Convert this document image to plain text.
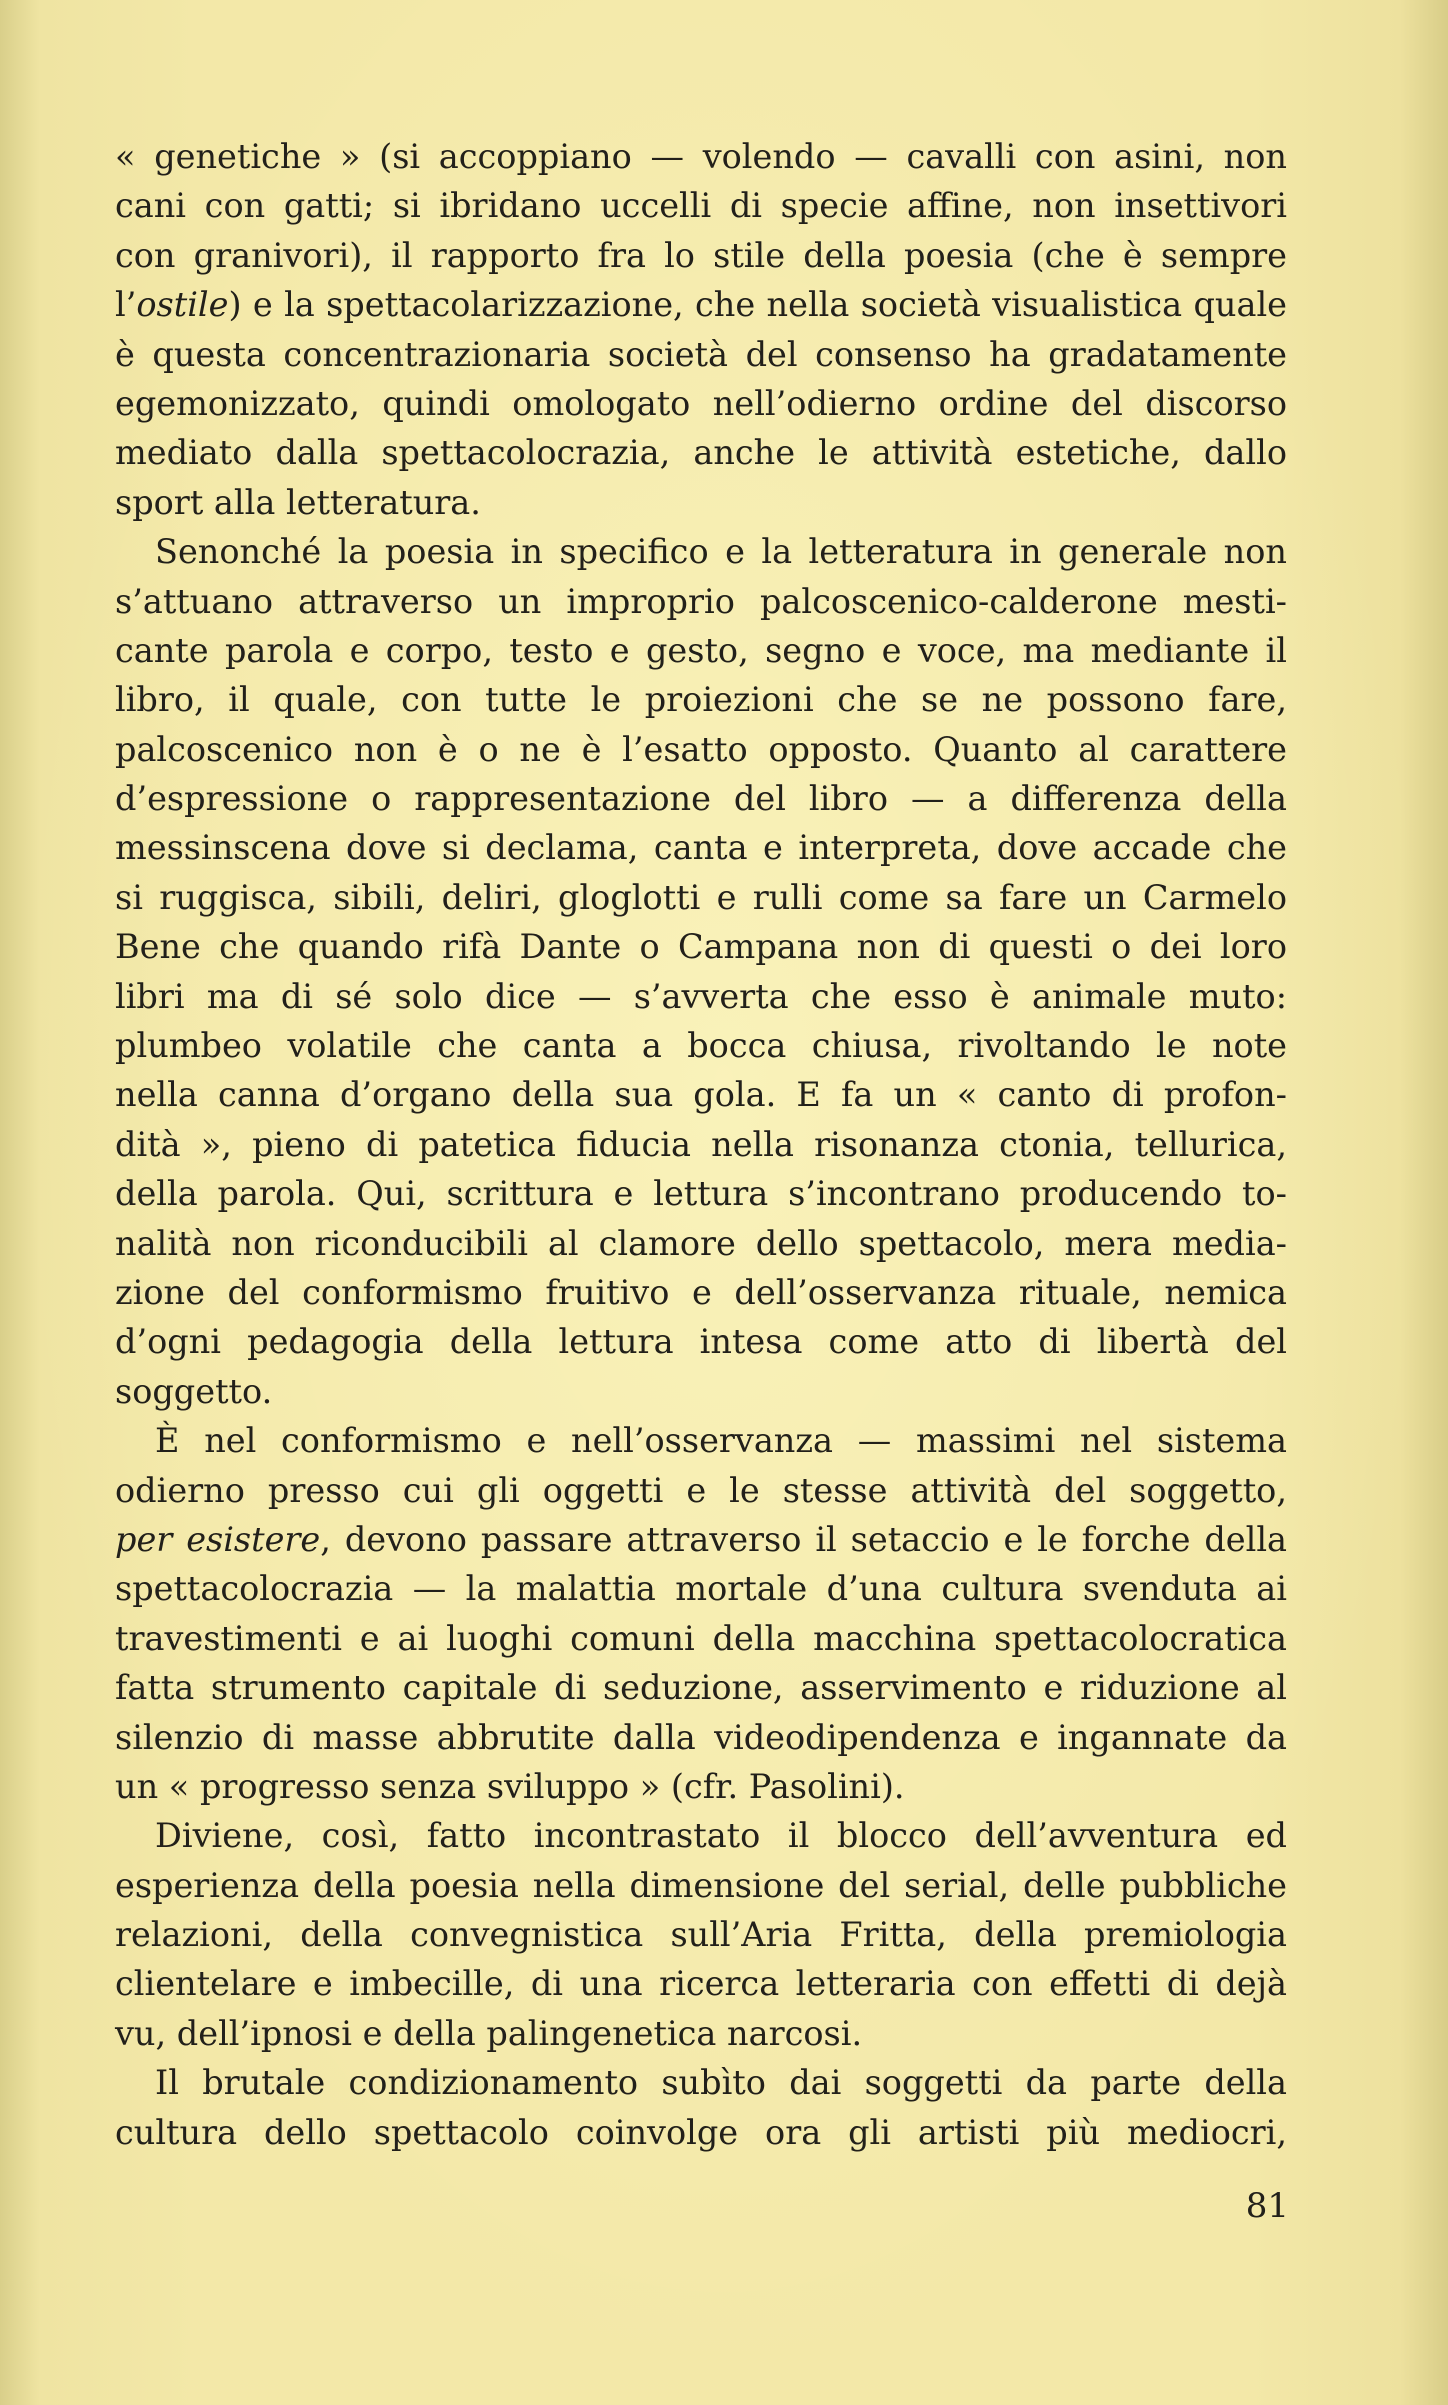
« genetiche » (si accoppiano — volendo — cavalli con asini, non
cani con gatti; si ibridano uccelli di specie affine, non insettivori
con granivori), il rapporto fra lo stile della poesia (che è sempre
l’ostile) e la spettacolarizzazione, che nella società visualistica quale
è questa concentrazionaria società del consenso ha gradatamente
egemonizzato, quindi omologato nell’odierno ordine del discorso
mediato dalla spettacolocrazia, anche le attività estetiche, dallo
sport alla letteratura.
Senonché la poesia in specifico e la letteratura in generale non
s’attuano attraverso un improprio palcoscenico-calderone mesti-
cante parola e corpo, testo e gesto, segno e voce, ma mediante il
libro, il quale, con tutte le proiezioni che se ne possono fare,
palcoscenico non è o ne è l’esatto opposto. Quanto al carattere
d’espressione o rappresentazione del libro — a differenza della
messinscena dove si declama, canta e interpreta, dove accade che
si ruggisca, sibili, deliri, gloglotti e rulli come sa fare un Carmelo
Bene che quando rifà Dante o Campana non di questi o dei loro
libri ma di sé solo dice — s’avverta che esso è animale muto:
plumbeo volatile che canta a bocca chiusa, rivoltando le note
nella canna d’organo della sua gola. E fa un « canto di profon-
dità », pieno di patetica fiducia nella risonanza ctonia, tellurica,
della parola. Qui, scrittura e lettura s’incontrano producendo to-
nalità non riconducibili al clamore dello spettacolo, mera media-
zione del conformismo fruitivo e dell’osservanza rituale, nemica
d’ogni pedagogia della lettura intesa come atto di libertà del
soggetto.
È nel conformismo e nell’osservanza — massimi nel sistema
odierno presso cui gli oggetti e le stesse attività del soggetto,
per esistere, devono passare attraverso il setaccio e le forche della
spettacolocrazia — la malattia mortale d’una cultura svenduta ai
travestimenti e ai luoghi comuni della macchina spettacolocratica
fatta strumento capitale di seduzione, asservimento e riduzione al
silenzio di masse abbrutite dalla videodipendenza e ingannate da
un « progresso senza sviluppo » (cfr. Pasolini).
Diviene, così, fatto incontrastato il blocco dell’avventura ed
esperienza della poesia nella dimensione del serial, delle pubbliche
relazioni, della convegnistica sull’Aria Fritta, della premiologia
clientelare e imbecille, di una ricerca letteraria con effetti di dejà
vu, dell’ipnosi e della palingenetica narcosi.
Il brutale condizionamento subìto dai soggetti da parte della
cultura dello spettacolo coinvolge ora gli artisti più mediocri,
81
